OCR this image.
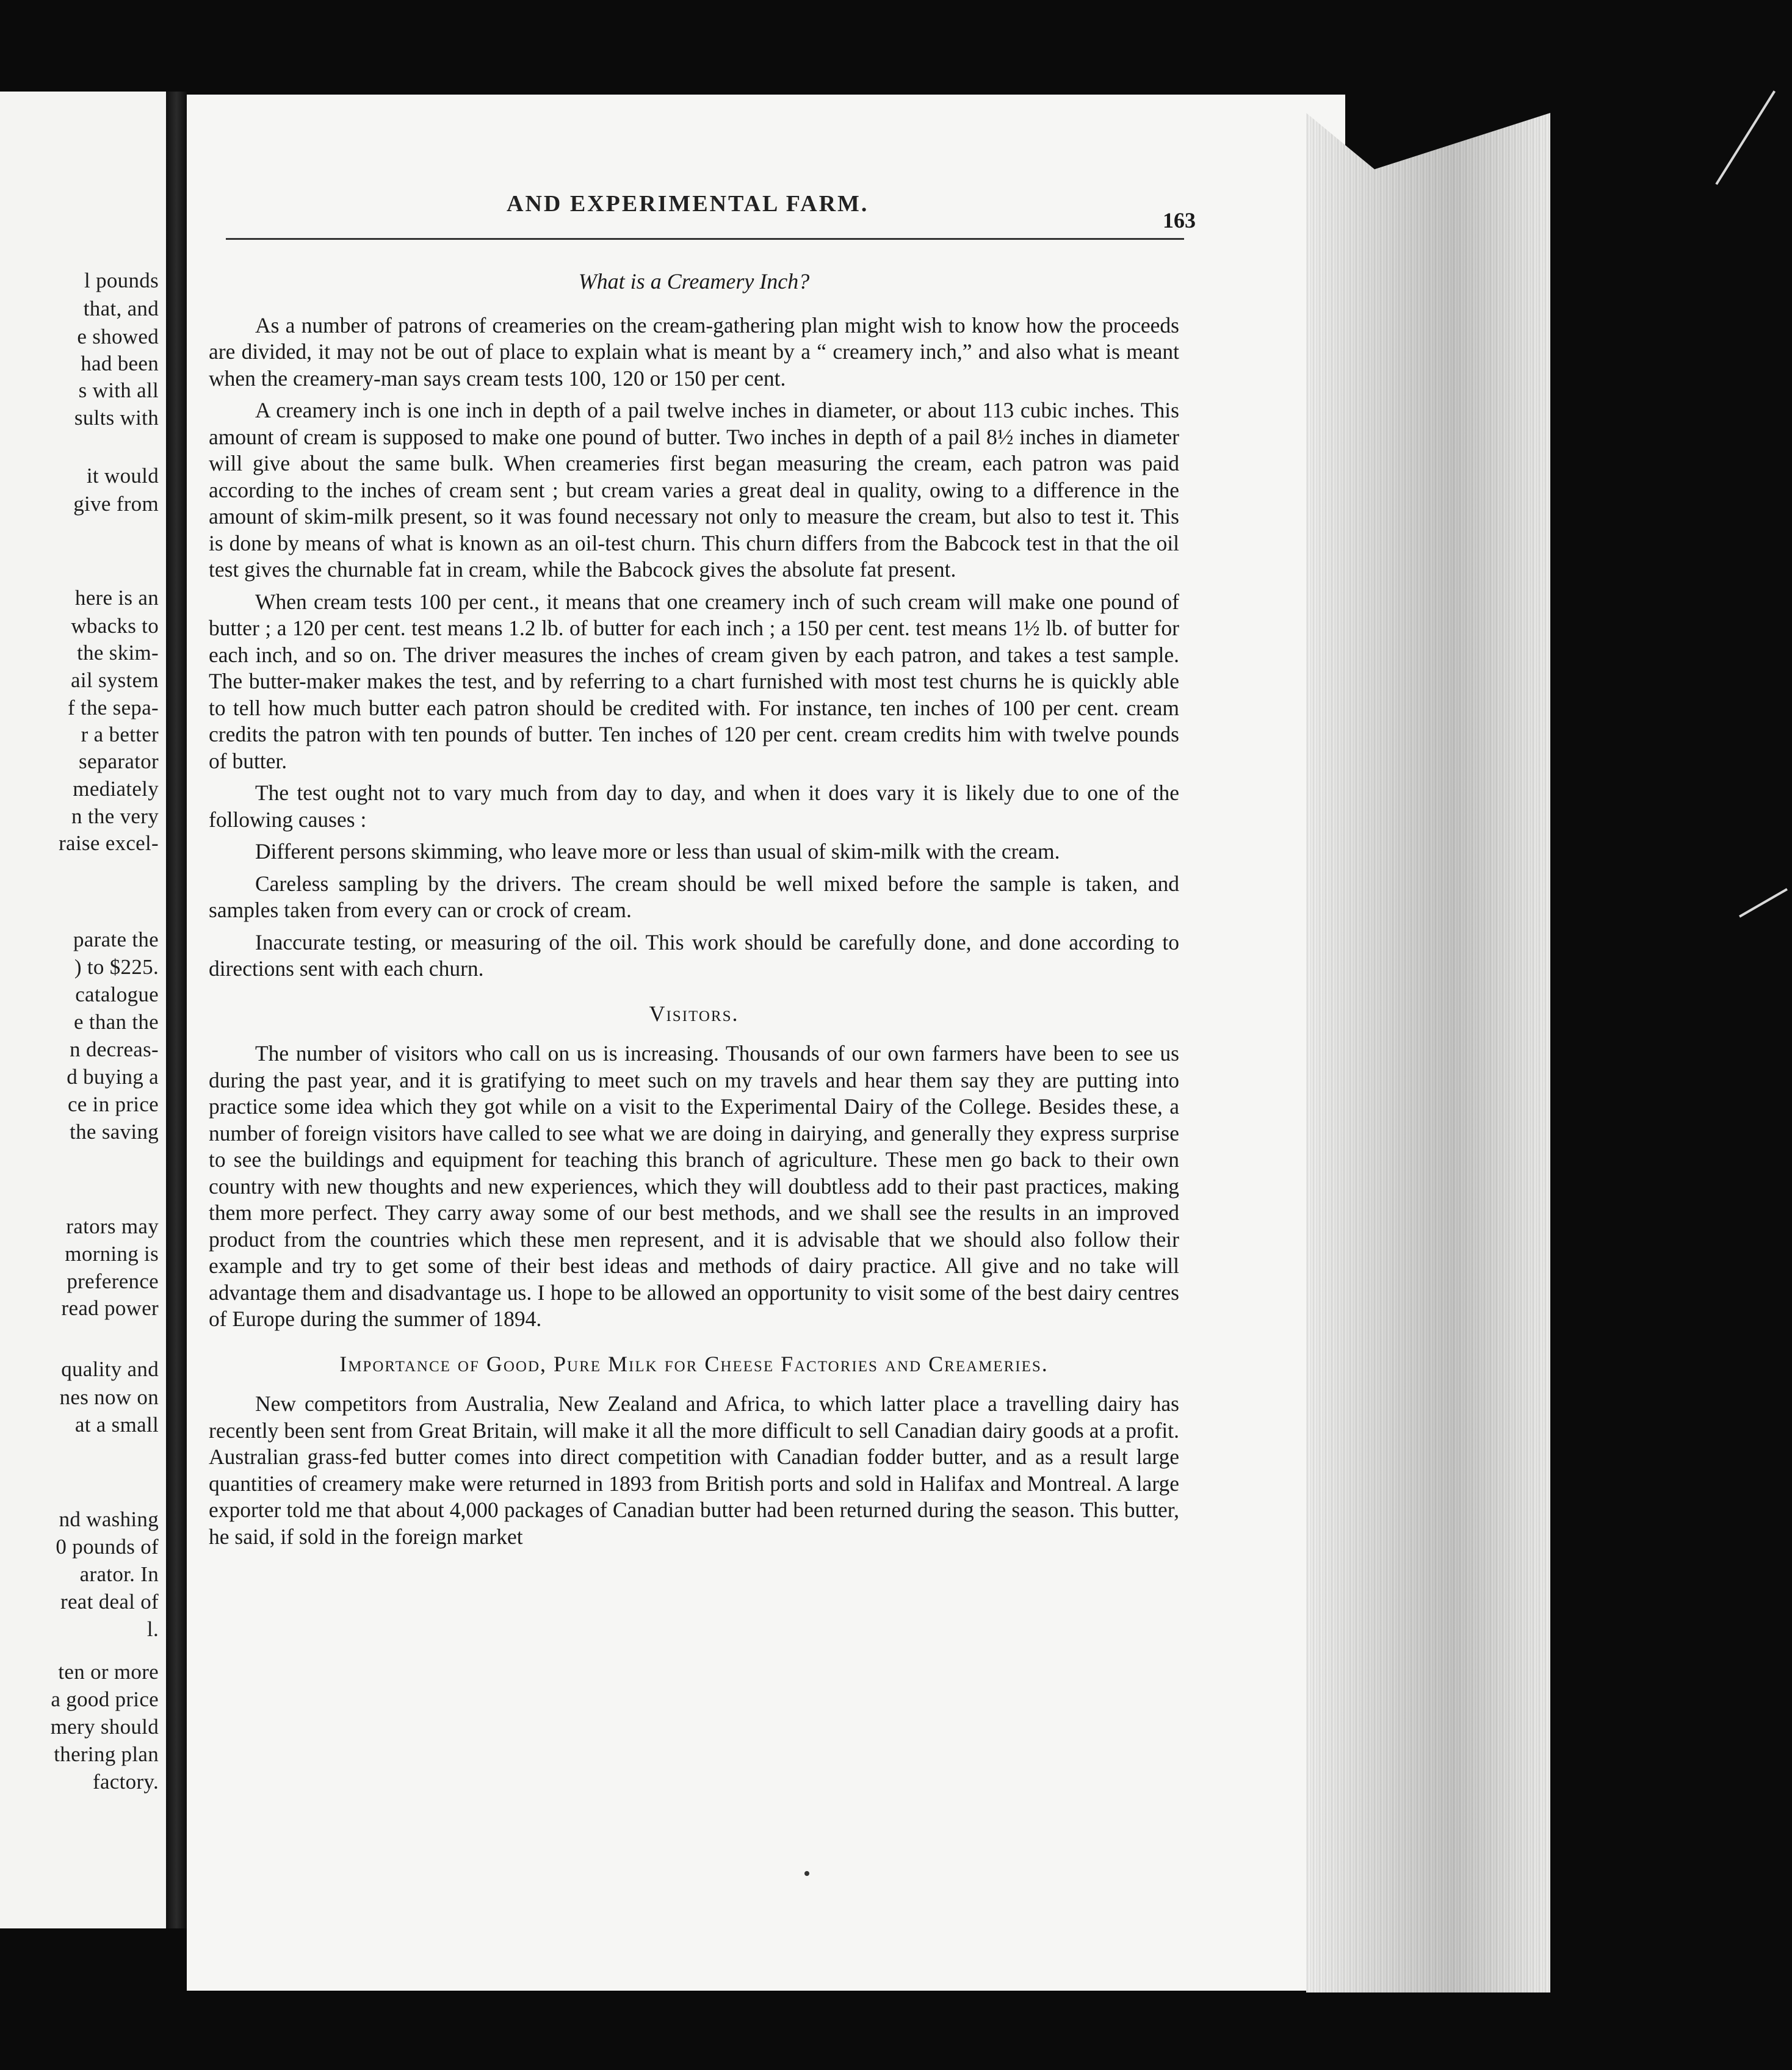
l pounds
that, and
e showed
had been
s with all
sults with
it would
give from
here is an
wbacks to
the skim-
ail system
f the sepa-
r a better
separator
mediately
n the very
raise excel-
parate the
) to $225.
catalogue
e than the
n decreas-
d buying a
ce in price
the saving
rators may
morning is
preference
read power
quality and
nes now on
at a small
nd washing
0 pounds of
arator. In
reat deal of
l.
ten or more
a good price
mery should
thering plan
factory.
AND EXPERIMENTAL FARM.
163
What is a Creamery Inch?

As a number of patrons of creameries on the cream-gathering plan might wish to know how the proceeds are divided, it may not be out of place to explain what is meant by a “ creamery inch,” and also what is meant when the creamery-man says cream tests 100, 120 or 150 per cent.

A creamery inch is one inch in depth of a pail twelve inches in diameter, or about 113 cubic inches. This amount of cream is supposed to make one pound of butter. Two inches in depth of a pail 8½ inches in diameter will give about the same bulk. When creameries first began measuring the cream, each patron was paid according to the inches of cream sent ; but cream varies a great deal in quality, owing to a difference in the amount of skim-milk present, so it was found necessary not only to measure the cream, but also to test it. This is done by means of what is known as an oil-test churn. This churn differs from the Babcock test in that the oil test gives the churnable fat in cream, while the Babcock gives the absolute fat present.

When cream tests 100 per cent., it means that one creamery inch of such cream will make one pound of butter ; a 120 per cent. test means 1.2 lb. of butter for each inch ; a 150 per cent. test means 1½ lb. of butter for each inch, and so on. The driver measures the inches of cream given by each patron, and takes a test sample. The butter-maker makes the test, and by referring to a chart furnished with most test churns he is quickly able to tell how much butter each patron should be credited with. For instance, ten inches of 100 per cent. cream credits the patron with ten pounds of butter. Ten inches of 120 per cent. cream credits him with twelve pounds of butter.

The test ought not to vary much from day to day, and when it does vary it is likely due to one of the following causes :

Different persons skimming, who leave more or less than usual of skim-milk with the cream.

Careless sampling by the drivers. The cream should be well mixed before the sample is taken, and samples taken from every can or crock of cream.

Inaccurate testing, or measuring of the oil. This work should be carefully done, and done according to directions sent with each churn.

Visitors.

The number of visitors who call on us is increasing. Thousands of our own farmers have been to see us during the past year, and it is gratifying to meet such on my travels and hear them say they are putting into practice some idea which they got while on a visit to the Experimental Dairy of the College. Besides these, a number of foreign visitors have called to see what we are doing in dairying, and generally they express surprise to see the buildings and equipment for teaching this branch of agriculture. These men go back to their own country with new thoughts and new experiences, which they will doubtless add to their past practices, making them more perfect. They carry away some of our best methods, and we shall see the results in an improved product from the countries which these men represent, and it is advisable that we should also follow their example and try to get some of their best ideas and methods of dairy practice. All give and no take will advantage them and disadvantage us. I hope to be allowed an opportunity to visit some of the best dairy centres of Europe during the summer of 1894.

Importance of Good, Pure Milk for Cheese Factories and Creameries.

New competitors from Australia, New Zealand and Africa, to which latter place a travelling dairy has recently been sent from Great Britain, will make it all the more difficult to sell Canadian dairy goods at a profit. Australian grass-fed butter comes into direct competition with Canadian fodder butter, and as a result large quantities of creamery make were returned in 1893 from British ports and sold in Halifax and Montreal. A large exporter told me that about 4,000 packages of Canadian butter had been returned during the season. This butter, he said, if sold in the foreign market
